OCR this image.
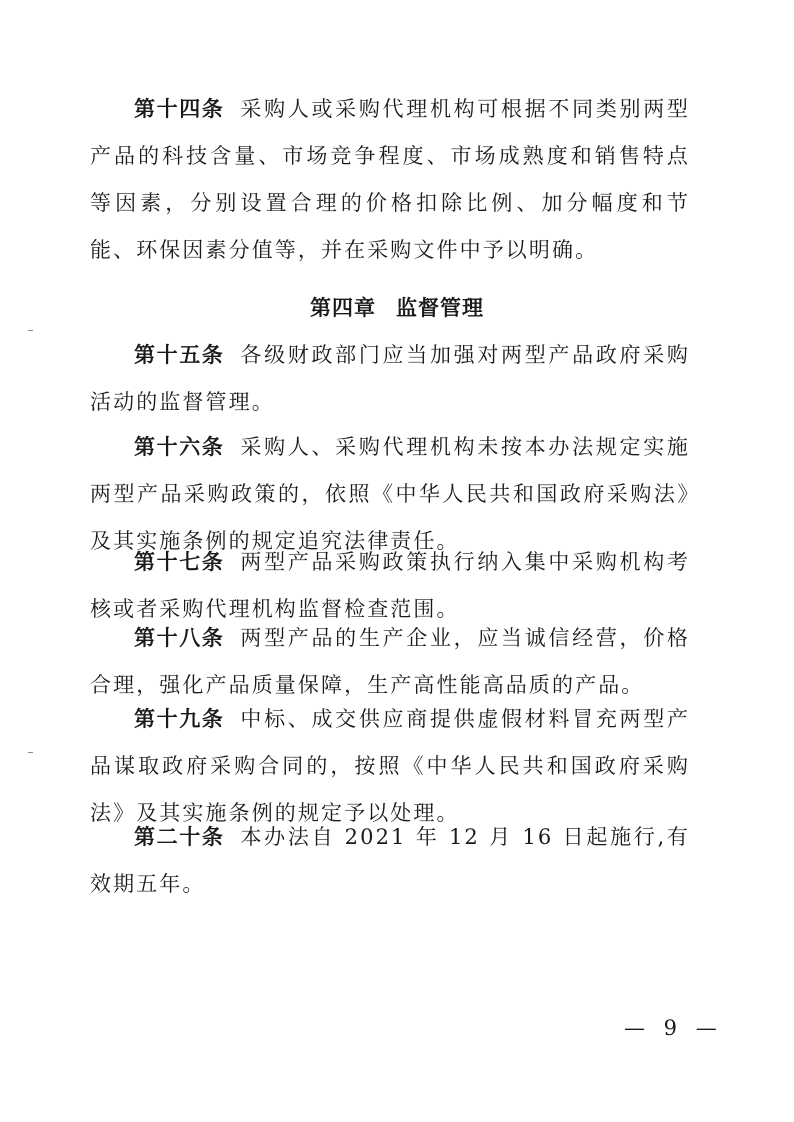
第十四条 采购人或采购代理机构可根据不同类别两型产品的科技含量、市场竞争程度、市场成熟度和销售特点等因素，分别设置合理的价格扣除比例、加分幅度和节能、环保因素分值等，并在采购文件中予以明确。

第四章 监督管理

第十五条 各级财政部门应当加强对两型产品政府采购活动的监督管理。

第十六条 采购人、采购代理机构未按本办法规定实施两型产品采购政策的，依照《中华人民共和国政府采购法》及其实施条例的规定追究法律责任。

第十七条 两型产品采购政策执行纳入集中采购机构考核或者采购代理机构监督检查范围。

第十八条 两型产品的生产企业，应当诚信经营，价格合理，强化产品质量保障，生产高性能高品质的产品。

第十九条 中标、成交供应商提供虚假材料冒充两型产品谋取政府采购合同的，按照《中华人民共和国政府采购法》及其实施条例的规定予以处理。

第二十条 本办法自 2021 年 12 月 16 日起施行,有效期五年。

— 9 —
